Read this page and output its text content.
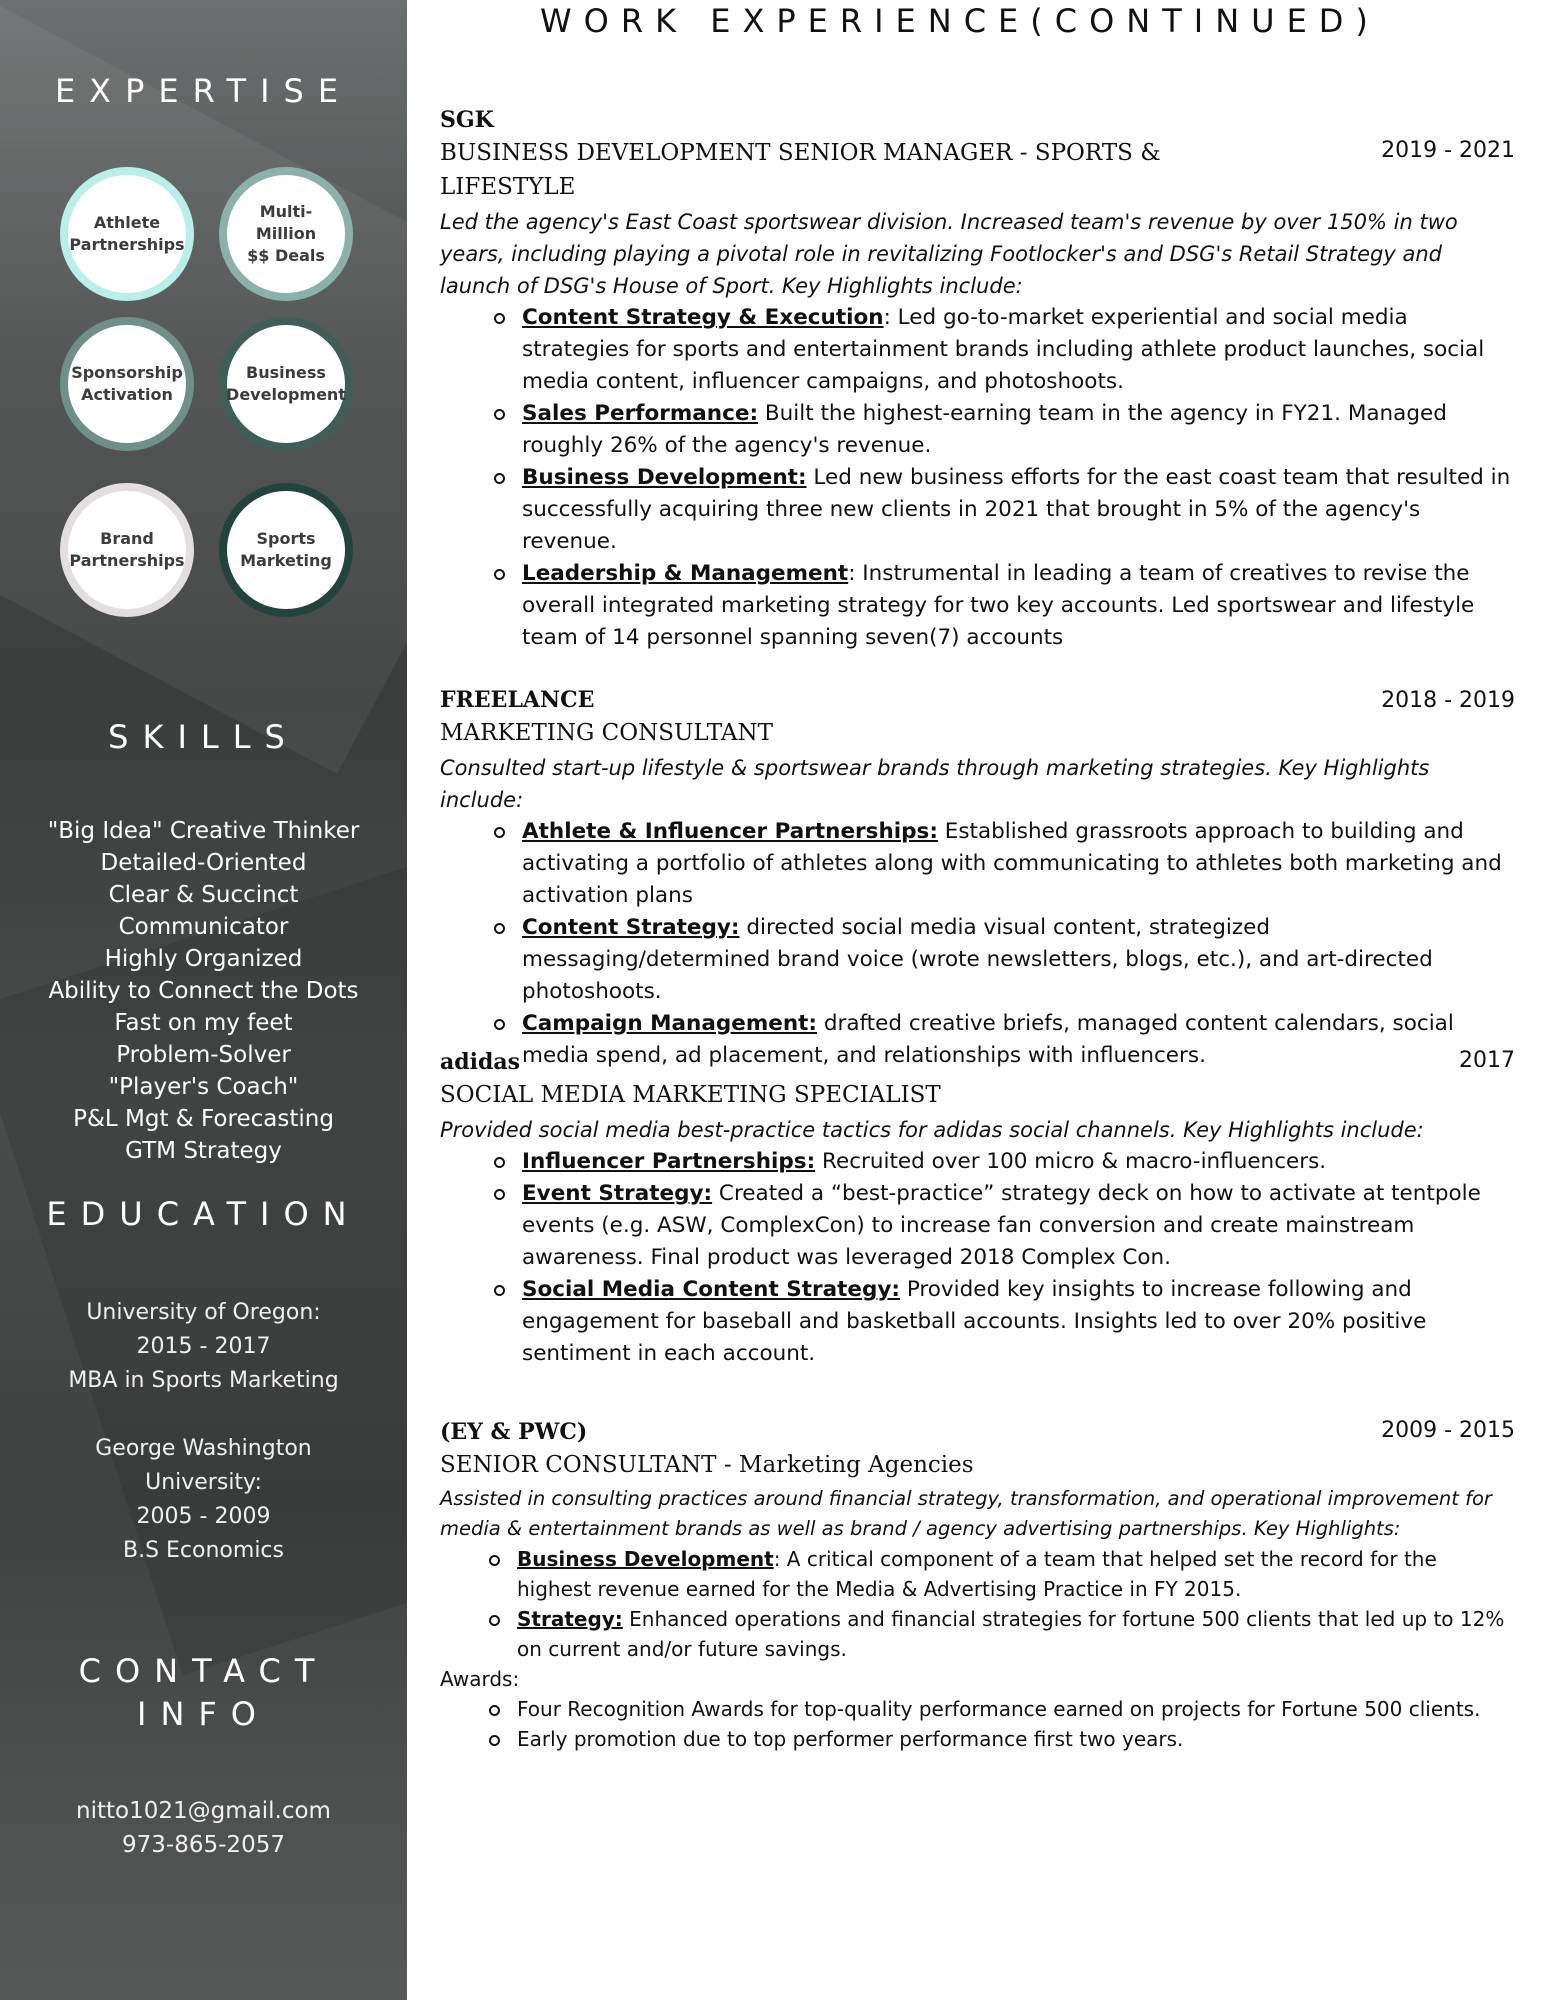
EXPERTISE
Athlete
Partnerships
Multi-
Million
$$ Deals
Sponsorship
Activation
Business
Development
Brand
Partnerships
Sports
Marketing
SKILLS
"Big Idea" Creative Thinker
Detailed-Oriented
Clear & Succinct
Communicator
Highly Organized
Ability to Connect the Dots
Fast on my feet
Problem-Solver
"Player's Coach"
P&L Mgt & Forecasting
GTM Strategy
EDUCATION
University of Oregon:
2015 - 2017
MBA in Sports Marketing
George Washington
University:
2005 - 2009
B.S Economics
CONTACT
INFO
nitto1021@gmail.com
973-865-2057
WORK EXPERIENCE(CONTINUED)
SGK
2019 - 2021
BUSINESS DEVELOPMENT SENIOR MANAGER - SPORTS & LIFESTYLE
Led the agency's East Coast sportswear division. Increased team's revenue by over 150% in two years, including playing a pivotal role in revitalizing Footlocker's and DSG's Retail Strategy and launch of DSG's House of Sport. Key Highlights include:
Content Strategy & Execution: Led go-to-market experiential and social media strategies for sports and entertainment brands including athlete product launches, social media content, influencer campaigns, and photoshoots.
Sales Performance: Built the highest-earning team in the agency in FY21. Managed roughly 26% of the agency's revenue.
Business Development: Led new business efforts for the east coast team that resulted in successfully acquiring three new clients in 2021 that brought in 5% of the agency's revenue.
Leadership & Management: Instrumental in leading a team of creatives to revise the overall integrated marketing strategy for two key accounts. Led sportswear and lifestyle team of 14 personnel spanning seven(7) accounts
FREELANCE	2018 - 2019
MARKETING CONSULTANT
Consulted start-up lifestyle & sportswear brands through marketing strategies. Key Highlights include:
Athlete & Influencer Partnerships: Established grassroots approach to building and activating a portfolio of athletes along with communicating to athletes both marketing and activation plans
Content Strategy: directed social media visual content, strategized messaging/determined brand voice (wrote newsletters, blogs, etc.), and art-directed photoshoots.
Campaign Management: drafted creative briefs, managed content calendars, social media spend, ad placement, and relationships with influencers.
adidas	2017
SOCIAL MEDIA MARKETING SPECIALIST
Provided social media best-practice tactics for adidas social channels. Key Highlights include:
Influencer Partnerships: Recruited over 100 micro & macro-influencers.
Event Strategy: Created a “best-practice” strategy deck on how to activate at tentpole events (e.g. ASW, ComplexCon) to increase fan conversion and create mainstream awareness. Final product was leveraged 2018 Complex Con.
Social Media Content Strategy: Provided key insights to increase following and engagement for baseball and basketball accounts. Insights led to over 20% positive sentiment in each account.
(EY & PWC)	2009 - 2015
SENIOR CONSULTANT - Marketing Agencies
Assisted in consulting practices around financial strategy, transformation, and operational improvement for media & entertainment brands as well as brand / agency advertising partnerships. Key Highlights:
Business Development: A critical component of a team that helped set the record for the highest revenue earned for the Media & Advertising Practice in FY 2015.
Strategy: Enhanced operations and financial strategies for fortune 500 clients that led up to 12% on current and/or future savings.
Awards:
Four Recognition Awards for top-quality performance earned on projects for Fortune 500 clients.
Early promotion due to top performer performance first two years.
